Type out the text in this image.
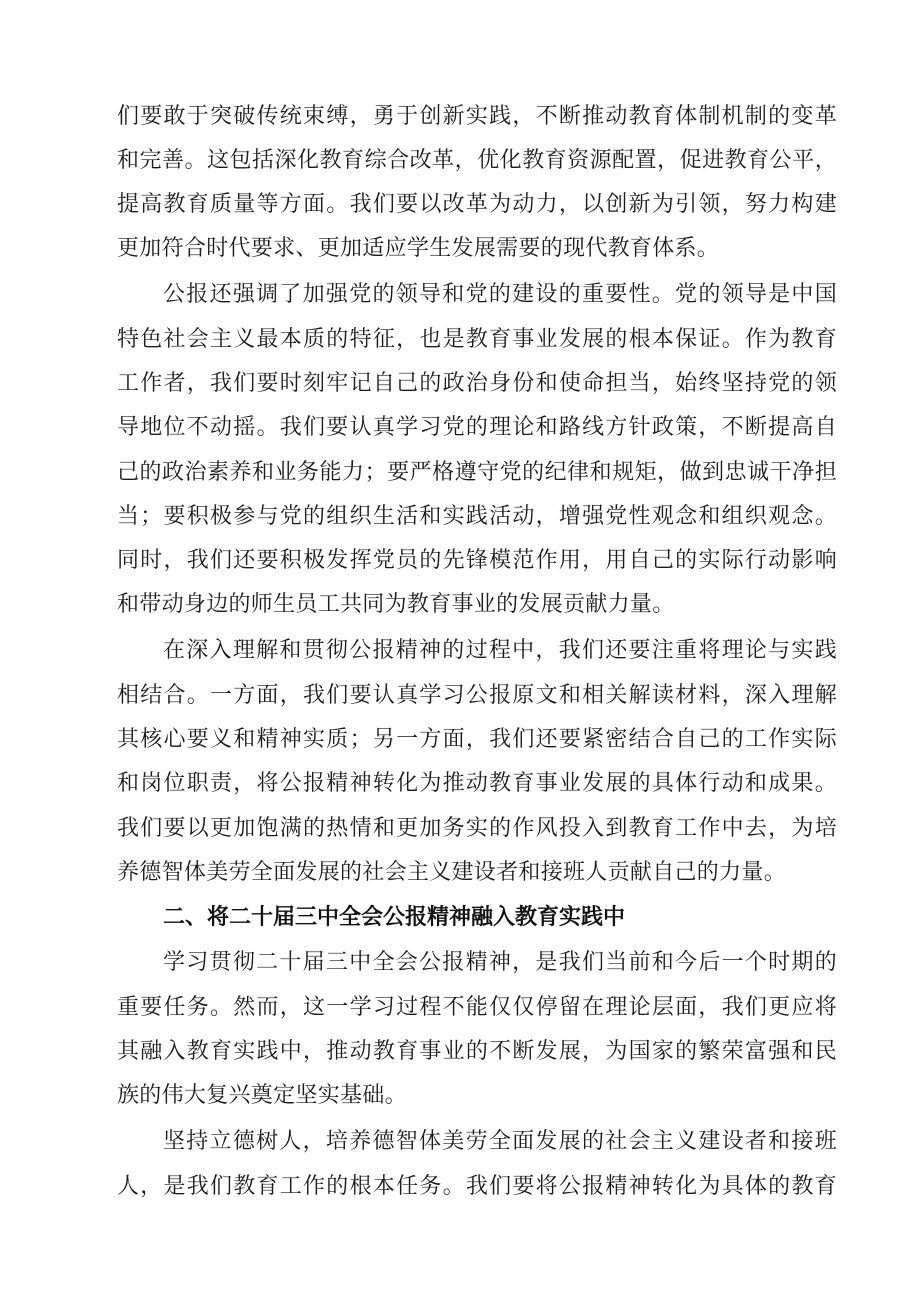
们要敢于突破传统束缚，勇于创新实践，不断推动教育体制机制的变革
和完善。这包括深化教育综合改革，优化教育资源配置，促进教育公平，
提高教育质量等方面。我们要以改革为动力，以创新为引领，努力构建
更加符合时代要求、更加适应学生发展需要的现代教育体系。
公报还强调了加强党的领导和党的建设的重要性。党的领导是中国
特色社会主义最本质的特征，也是教育事业发展的根本保证。作为教育
工作者，我们要时刻牢记自己的政治身份和使命担当，始终坚持党的领
导地位不动摇。我们要认真学习党的理论和路线方针政策，不断提高自
己的政治素养和业务能力；要严格遵守党的纪律和规矩，做到忠诚干净担
当；要积极参与党的组织生活和实践活动，增强党性观念和组织观念。
同时，我们还要积极发挥党员的先锋模范作用，用自己的实际行动影响
和带动身边的师生员工共同为教育事业的发展贡献力量。
在深入理解和贯彻公报精神的过程中，我们还要注重将理论与实践
相结合。一方面，我们要认真学习公报原文和相关解读材料，深入理解
其核心要义和精神实质；另一方面，我们还要紧密结合自己的工作实际
和岗位职责，将公报精神转化为推动教育事业发展的具体行动和成果。
我们要以更加饱满的热情和更加务实的作风投入到教育工作中去，为培
养德智体美劳全面发展的社会主义建设者和接班人贡献自己的力量。
二、将二十届三中全会公报精神融入教育实践中
学习贯彻二十届三中全会公报精神，是我们当前和今后一个时期的
重要任务。然而，这一学习过程不能仅仅停留在理论层面，我们更应将
其融入教育实践中，推动教育事业的不断发展，为国家的繁荣富强和民
族的伟大复兴奠定坚实基础。
坚持立德树人，培养德智体美劳全面发展的社会主义建设者和接班
人，是我们教育工作的根本任务。我们要将公报精神转化为具体的教育
